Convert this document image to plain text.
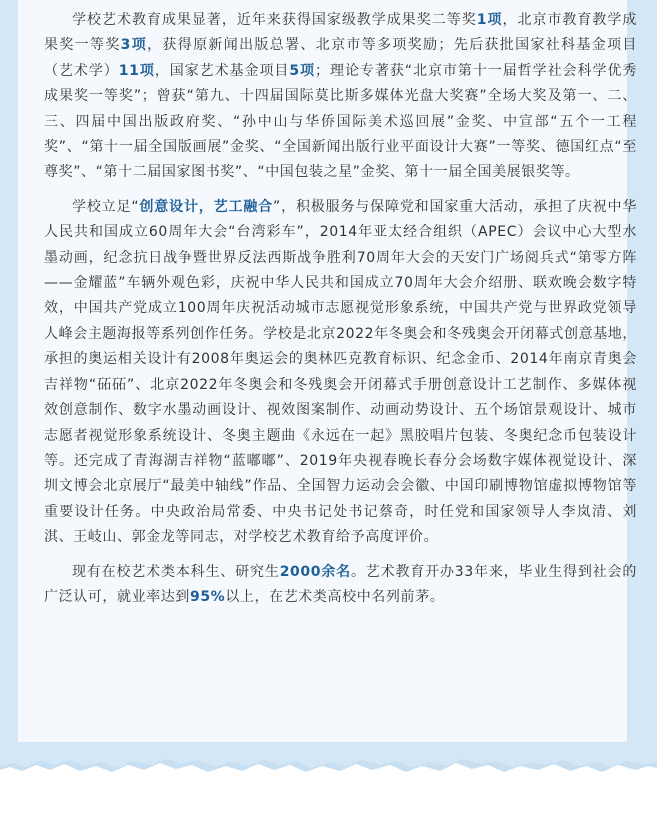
学校艺术教育成果显著，近年来获得国家级教学成果奖二等奖1项，北京市教育教学成果奖一等奖3项，获得原新闻出版总署、北京市等多项奖励；先后获批国家社科基金项目（艺术学）11项，国家艺术基金项目5项；理论专著获“北京市第十一届哲学社会科学优秀成果奖一等奖”；曾获“第九、十四届国际莫比斯多媒体光盘大奖赛”全场大奖及第一、二、三、四届中国出版政府奖、“孙中山与华侨国际美术巡回展”金奖、中宣部“五个一工程奖”、“第十一届全国版画展”金奖、“全国新闻出版行业平面设计大赛”一等奖、德国红点“至尊奖”、“第十二届国家图书奖”、“中国包装之星”金奖、第十一届全国美展银奖等。

学校立足“创意设计，艺工融合”，积极服务与保障党和国家重大活动，承担了庆祝中华人民共和国成立60周年大会“台湾彩车”，2014年亚太经合组织（APEC）会议中心大型水墨动画，纪念抗日战争暨世界反法西斯战争胜利70周年大会的天安门广场阅兵式“第零方阵——金耀蓝”车辆外观色彩，庆祝中华人民共和国成立70周年大会介绍册、联欢晚会数字特效，中国共产党成立100周年庆祝活动城市志愿视觉形象系统，中国共产党与世界政党领导人峰会主题海报等系列创作任务。学校是北京2022年冬奥会和冬残奥会开闭幕式创意基地，承担的奥运相关设计有2008年奥运会的奥林匹克教育标识、纪念金币、2014年南京青奥会吉祥物“砳砳”、北京2022年冬奥会和冬残奥会开闭幕式手册创意设计工艺制作、多媒体视效创意制作、数字水墨动画设计、视效图案制作、动画动势设计、五个场馆景观设计、城市志愿者视觉形象系统设计、冬奥主题曲《永远在一起》黑胶唱片包装、冬奥纪念币包装设计等。还完成了青海湖吉祥物“蓝嘟嘟”、2019年央视春晚长春分会场数字媒体视觉设计、深圳文博会北京展厅“最美中轴线”作品、全国智力运动会会徽、中国印刷博物馆虚拟博物馆等重要设计任务。中央政治局常委、中央书记处书记蔡奇，时任党和国家领导人李岚清、刘淇、王岐山、郭金龙等同志，对学校艺术教育给予高度评价。

现有在校艺术类本科生、研究生2000余名。艺术教育开办33年来，毕业生得到社会的广泛认可，就业率达到95%以上，在艺术类高校中名列前茅。
